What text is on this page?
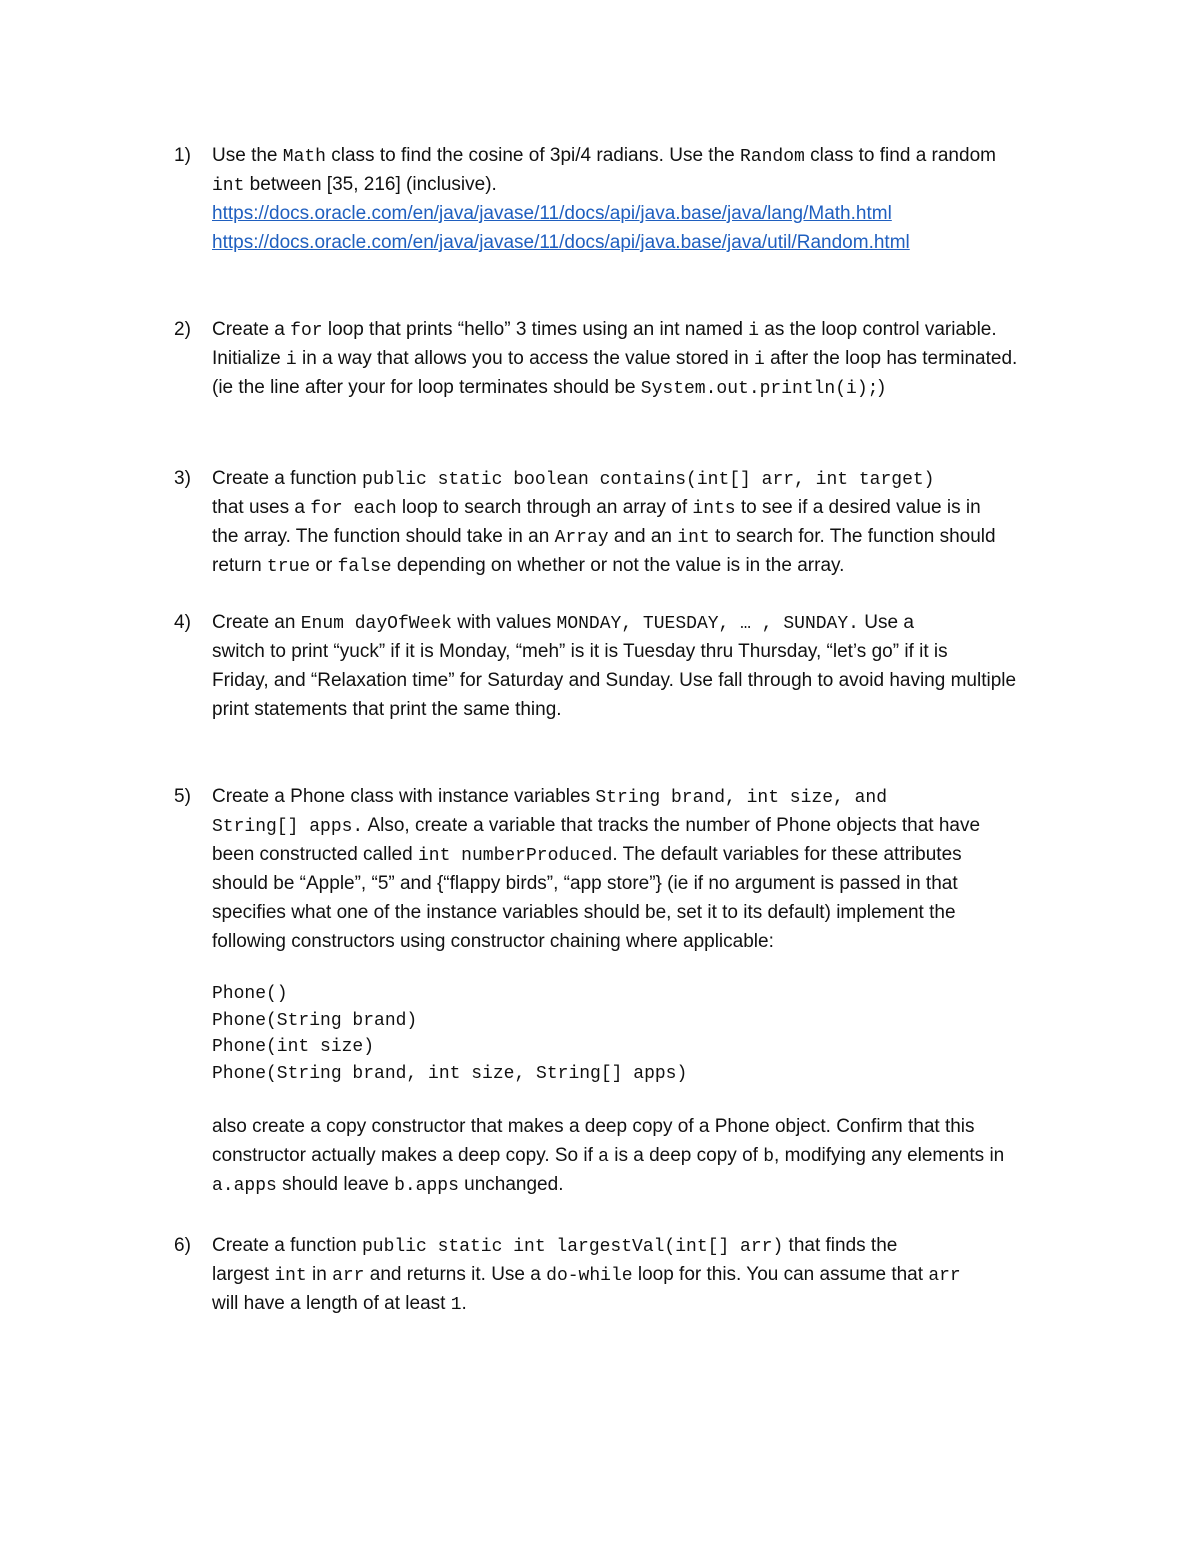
1)	Use the Math class to find the cosine of 3pi/4 radians. Use the Random class to find a random
int between [35, 216] (inclusive).
https://docs.oracle.com/en/java/javase/11/docs/api/java.base/java/lang/Math.html
https://docs.oracle.com/en/java/javase/11/docs/api/java.base/java/util/Random.html
2)	Create a for loop that prints “hello” 3 times using an int named i as the loop control variable.
Initialize i in a way that allows you to access the value stored in i after the loop has terminated.
(ie the line after your for loop terminates should be System.out.println(i);)
3)	Create a function public static boolean contains(int[] arr, int target)
that uses a for each loop to search through an array of ints to see if a desired value is in
the array. The function should take in an Array and an int to search for. The function should
return true or false depending on whether or not the value is in the array.
4)	Create an Enum dayOfWeek with values MONDAY, TUESDAY, … , SUNDAY. Use a
switch to print “yuck” if it is Monday, “meh” is it is Tuesday thru Thursday, “let’s go” if it is
Friday, and “Relaxation time” for Saturday and Sunday. Use fall through to avoid having multiple
print statements that print the same thing.
5)	Create a Phone class with instance variables String brand, int size, and
String[] apps. Also, create a variable that tracks the number of Phone objects that have
been constructed called int numberProduced. The default variables for these attributes
should be “Apple”, “5” and {“flappy birds”, “app store”} (ie if no argument is passed in that
specifies what one of the instance variables should be, set it to its default) implement the
following constructors using constructor chaining where applicable:
Phone()
Phone(String brand)
Phone(int size)
Phone(String brand, int size, String[] apps)
also create a copy constructor that makes a deep copy of a Phone object. Confirm that this
constructor actually makes a deep copy. So if a is a deep copy of b, modifying any elements in
a.apps should leave b.apps unchanged.
6)	Create a function public static int largestVal(int[] arr) that finds the
largest int in arr and returns it. Use a do-while loop for this. You can assume that arr
will have a length of at least 1.
